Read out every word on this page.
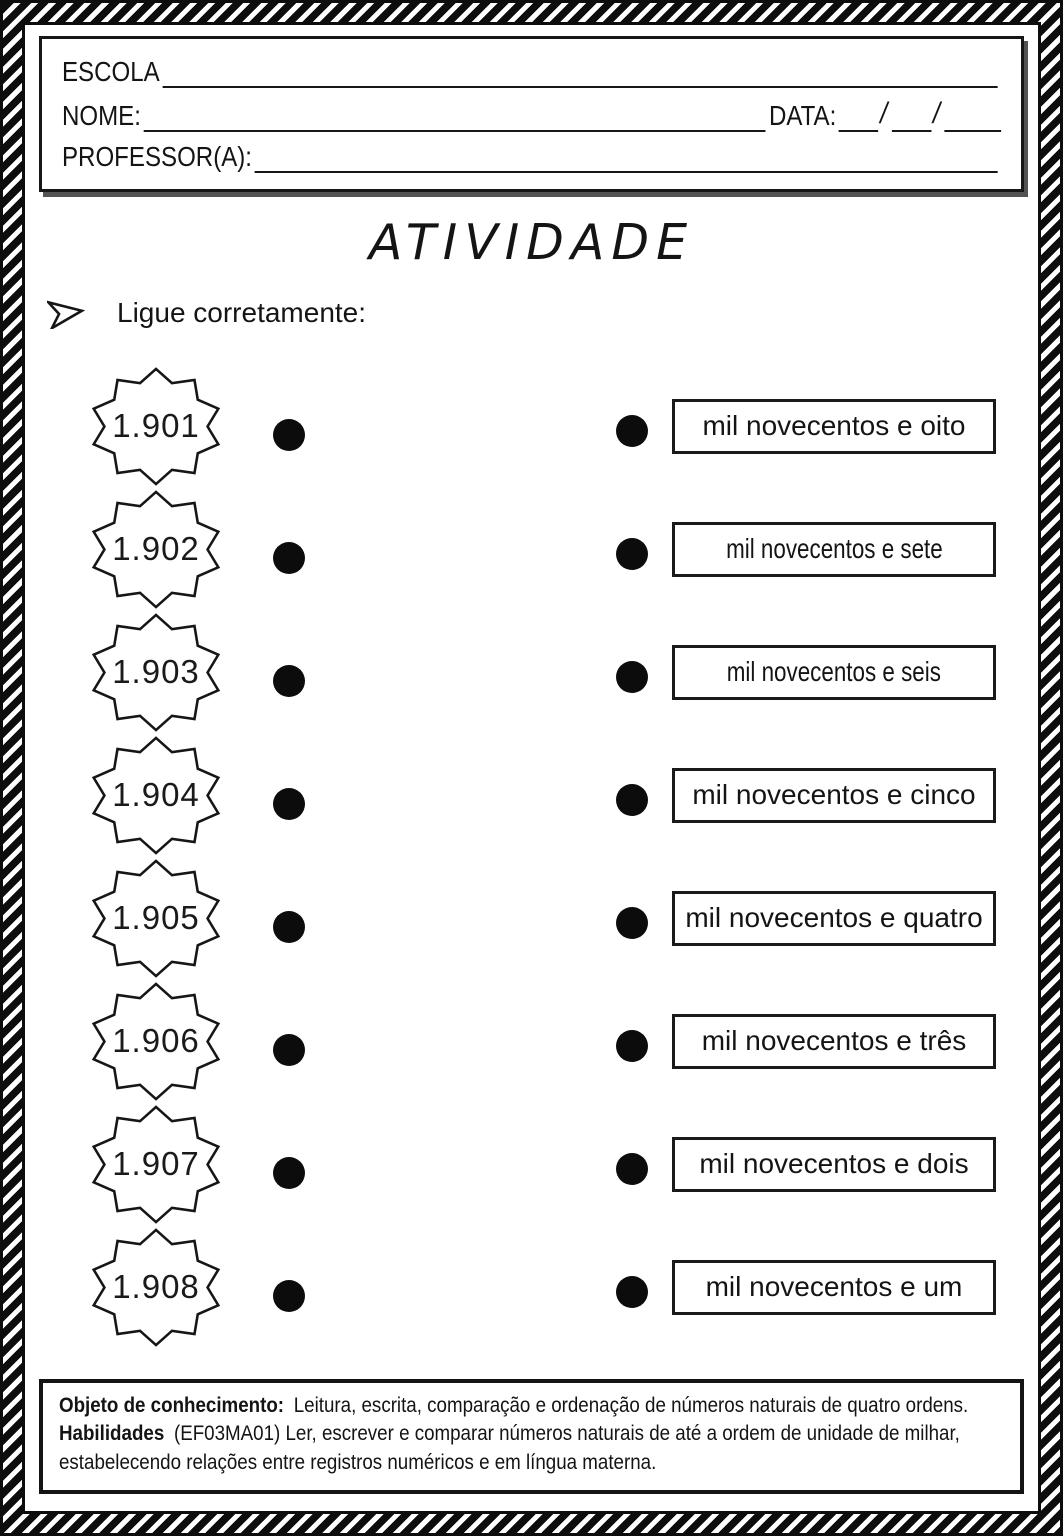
ESCOLA
NOME:	DATA: / /
PROFESSOR(A):
ATIVIDADE
Ligue corretamente:
1.901	mil novecentos e oito
1.902	mil novecentos e sete
1.903	mil novecentos e seis
1.904	mil novecentos e cinco
1.905	mil novecentos e quatro
1.906	mil novecentos e três
1.907	mil novecentos e dois
1.908	mil novecentos e um

Objeto de conhecimento: Leitura, escrita, comparação e ordenação de números naturais de quatro ordens.

Habilidades (EF03MA01) Ler, escrever e comparar números naturais de até a ordem de unidade de milhar, estabelecendo relações entre registros numéricos e em língua materna.
